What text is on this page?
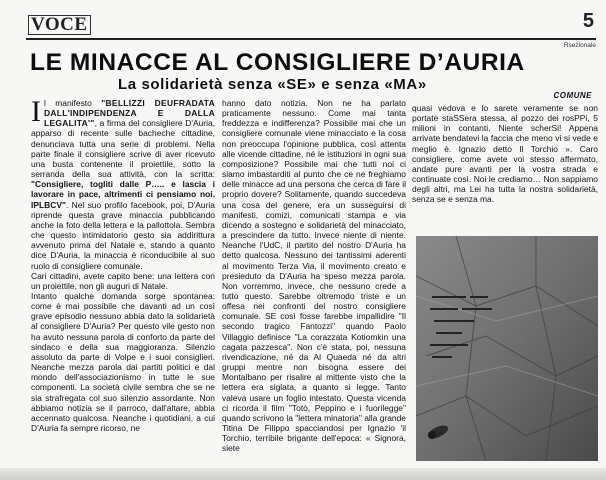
VOCE	5
Rsezionale
LE MINACCE AL CONSIGLIERE D’AURIA
La solidarietà senza «SE» e senza «MA»
COMUNE

Il manifesto "BELLIZZI DEUFRADATA DALL'INDIPENDENZA E DALLA LEGALITA'", a firma del consigliere D'Auria, apparso di recente sulle bacheche cittadine, denunciava tutta una serie di problemi. Nella parte finale il consigliere scrive di aver ricevuto una busta contenente il proiettile, sotto la serranda della sua attività, con la scritta: "Consigliere, togliti dalle P….. e lascia i lavorare in pace, altrimenti ci pensiamo noi. IPLBCV". Nel suo profilo facebook, poi, D'Auria riprende questa grave minaccia pubblicando anche la foto della lettera e la pallottola. Sembra che questo intimidatorio gesto sia addirittura avvenuto prima del Natale e, stando a quanto dice D'Auria, la minaccia è riconducibile al suo ruolo di consigliere comunale.

Cari cittadini, avete capito bene: una lettera con un proiettile, non gli auguri di Natale.

Intanto qualche domanda sorge spontanea: come è mai possibile che davanti ad un così grave episodio nessuno abbia dato la solidarietà al consigliere D'Auria? Per questo vile gesto non ha avuto nessuna parola di conforto da parte del sindaco e della sua maggioranza. Silenzio assoluto da parte di Volpe e i suoi consiglieri. Neanche mezza parola dai partiti politici e dal mondo dell'associazionismo in tutte le sue componenti. La società civile sembra che se ne sia strafregata col suo silenzio assordante. Non abbiamo notizia se il parroco, dall'altare, abbia accennato qualcosa. Neanche i quotidiani, a cui D'Auria fa sempre ricorso, ne

hanno dato notizia. Non ne ha parlato praticamente nessuno. Come mai tanta freddezza e indifferenza? Possibile mai che un consigliere comunale viene minacciato e la cosa non preoccupa l'opinione pubblica, così attenta alle vicende cittadine, né le istituzioni in ogni sua composizione? Possibile mai che tutti noi ci siamo imbastarditi al punto che ce ne freghiamo delle minacce ad una persona che cerca di fare il proprio dovere? Solitamente, quando succedeva una cosa del genere, era un susseguirsi di manifesti, comizi, comunicati stampa e via dicendo a sostegno e solidarietà del minacciato, a prescindere da tutto. Invece niente di niente. Neanche l'UdC, il partito del nostro D'Auria ha detto qualcosa. Nessuno dei tantissimi aderenti al movimento Terza Via, il movimento creato e presieduto da D'Auria ha speso mezza parola. Non vorremmo, invece, che nessuno crede a tutto questo. Sarebbe oltremodo triste e un offesa nei confronti del nostro consigliere comunale. SE così fosse farebbe impallidire "Il secondo tragico Fantozzi" quando Paolo Villaggio definisce "La corazzata Kotiomkin una cagata pazzesca". Non c'è stata, poi, nessuna rivendicazione, né da Al Quaeda né da altri gruppi mentre non bisogna essere dei Montalbano per risalire al mittente visto che la lettera era siglata, a quanto si legge. Tanto valeva usare un foglio intestato. Questa vicenda ci ricorda il film "Totò, Peppino e i fuorilegge" quando scrivono la "lettera minatoria" alla grande Titina De Filippo spacciandosi per Ignazio 'il Torchio, terribile brigante dell'epoca: « Signora, siete

quasi vedova e lo sarete veramente se non portate staSSera stessa, al pozzo dei rosPPi, 5 milioni in contanti. Niente scherSi! Appena arrivate bendatevi la faccia che meno vi si vede e meglio è. Ignazio detto Il Torchio ». Caro consigliere, come avete voi stesso affermato, andate pure avanti per la vostra strada e continuate così. Noi le crediamo… Non sappiamo degli altri, ma Lei ha tutta la nostra solidarietà, senza se e senza ma.
